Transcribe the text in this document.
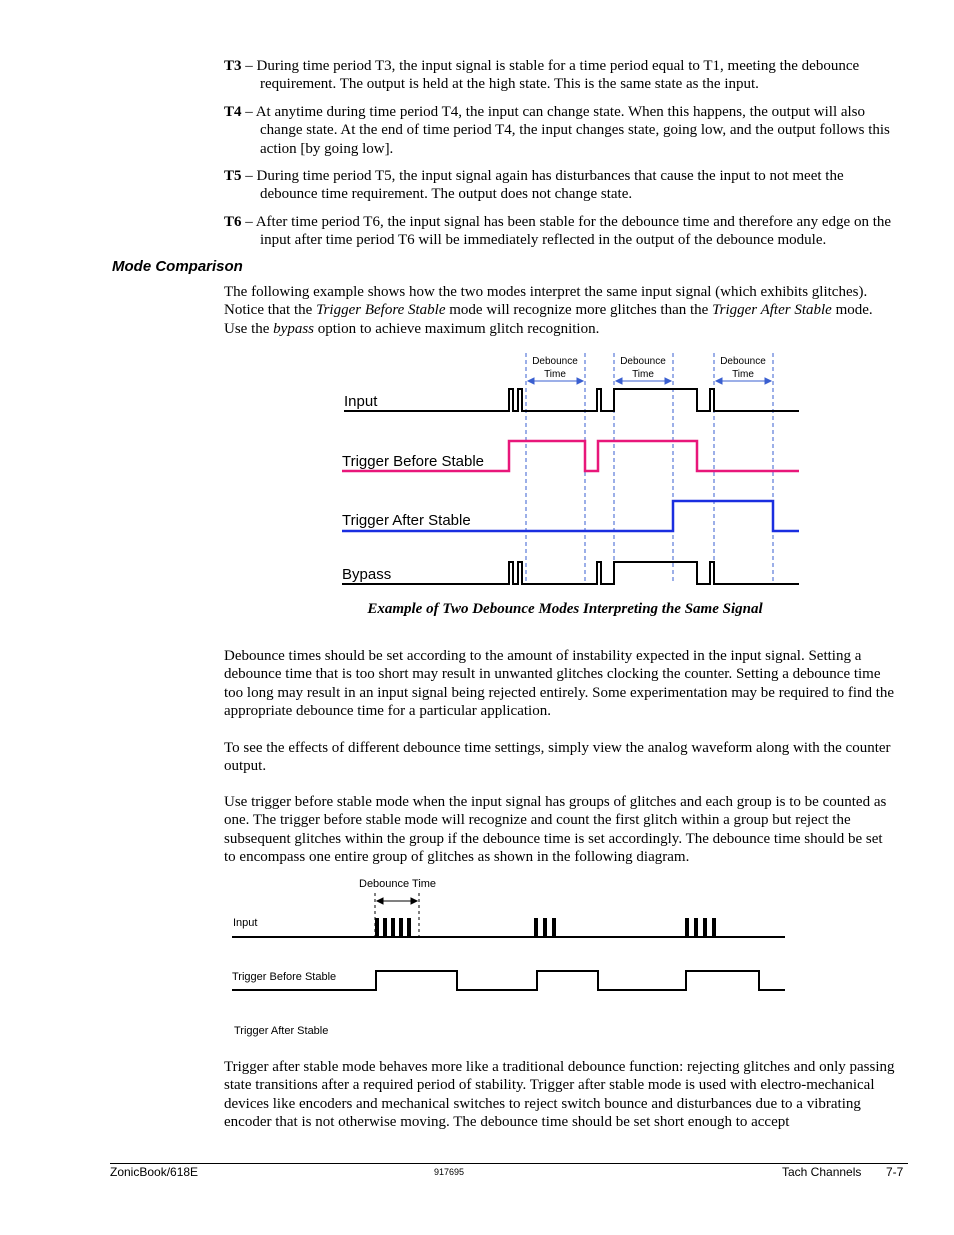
T3 – During time period T3, the input signal is stable for a time period equal to T1, meeting the debounce requirement. The output is held at the high state. This is the same state as the input.
T4 – At anytime during time period T4, the input can change state. When this happens, the output will also change state. At the end of time period T4, the input changes state, going low, and the output follows this action [by going low].
T5 – During time period T5, the input signal again has disturbances that cause the input to not meet the debounce time requirement. The output does not change state.
T6 – After time period T6, the input signal has been stable for the debounce time and therefore any edge on the input after time period T6 will be immediately reflected in the output of the debounce module.
Mode Comparison
The following example shows how the two modes interpret the same input signal (which exhibits glitches). Notice that the Trigger Before Stable mode will recognize more glitches than the Trigger After Stable mode. Use the bypass option to achieve maximum glitch recognition.
Debounce
Time
Debounce
Time
Debounce
Time
Input
Trigger Before Stable
Trigger After Stable
Bypass
Example of Two Debounce Modes Interpreting the Same Signal
Debounce times should be set according to the amount of instability expected in the input signal. Setting a debounce time that is too short may result in unwanted glitches clocking the counter. Setting a debounce time too long may result in an input signal being rejected entirely. Some experimentation may be required to find the appropriate debounce time for a particular application.
To see the effects of different debounce time settings, simply view the analog waveform along with the counter output.
Use trigger before stable mode when the input signal has groups of glitches and each group is to be counted as one. The trigger before stable mode will recognize and count the first glitch within a group but reject the subsequent glitches within the group if the debounce time is set accordingly. The debounce time should be set to encompass one entire group of glitches as shown in the following diagram.
Debounce Time
Input
Trigger Before Stable
Trigger After Stable
Trigger after stable mode behaves more like a traditional debounce function: rejecting glitches and only passing state transitions after a required period of stability. Trigger after stable mode is used with electro-mechanical devices like encoders and mechanical switches to reject switch bounce and disturbances due to a vibrating encoder that is not otherwise moving. The debounce time should be set short enough to accept
ZonicBook/618E	917695	Tach Channels 7-7
